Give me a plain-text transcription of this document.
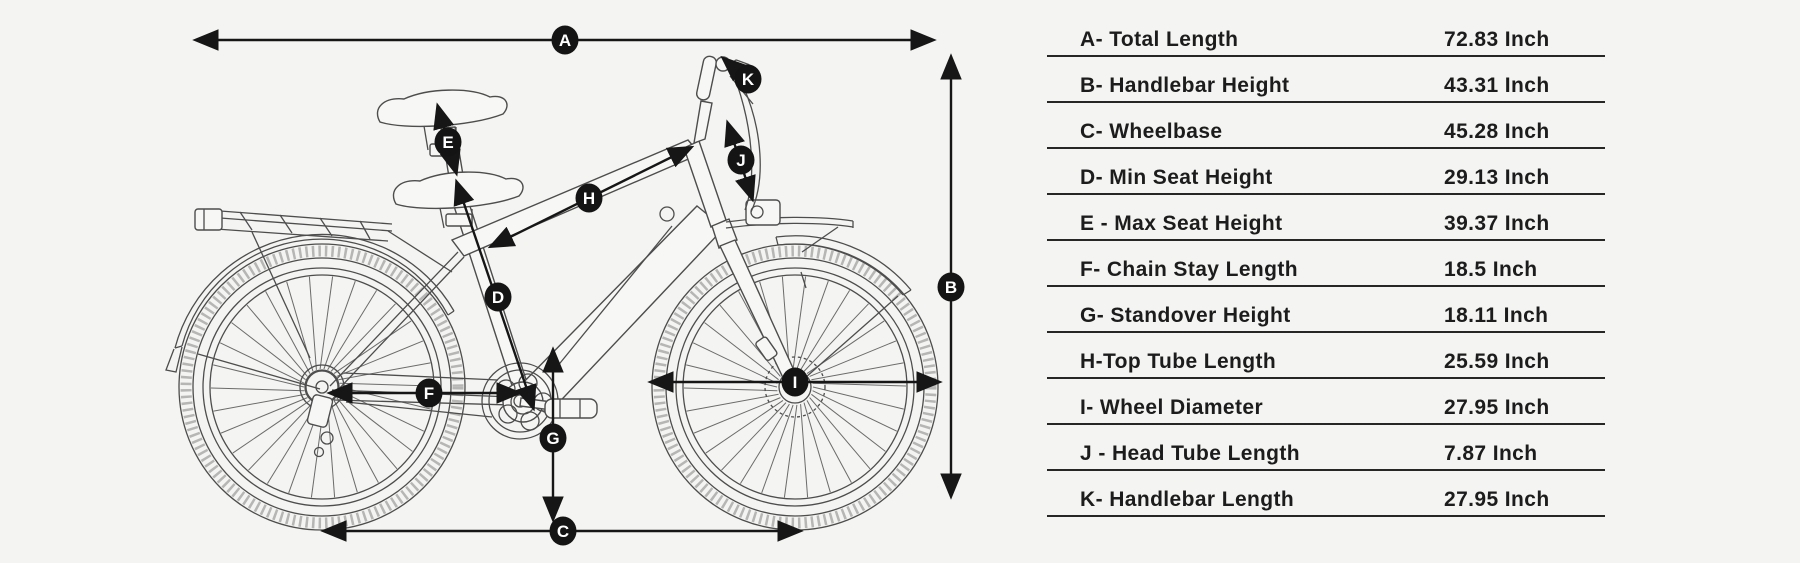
A
B
C
D
E
F
G
H
I
J
K
A- Total Length	72.83 Inch
B- Handlebar Height	43.31 Inch
C- Wheelbase	45.28 Inch
D- Min Seat Height	29.13 Inch
E - Max Seat Height	39.37 Inch
F- Chain Stay Length	18.5 Inch
G- Standover Height	18.11 Inch
H-Top Tube Length	25.59 Inch
I- Wheel Diameter	27.95 Inch
J - Head Tube Length	7.87 Inch
K- Handlebar Length	27.95 Inch
